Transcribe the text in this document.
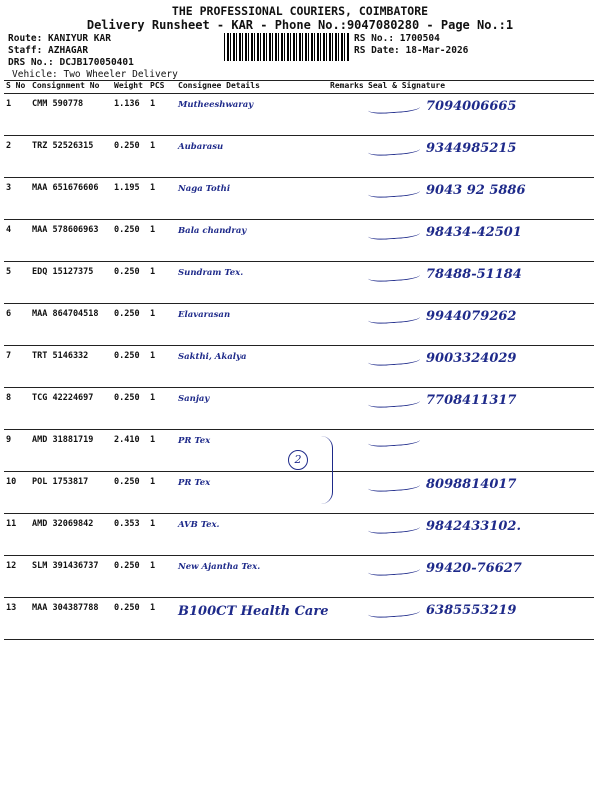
THE PROFESSIONAL COURIERS, COIMBATORE
Delivery Runsheet - KAR - Phone No.:9047080280 - Page No.:1
Route: KANIYUR KAR
Staff: AZHAGAR
DRS No.: DCJB170050401
Vehicle: Two Wheeler Delivery
RS No.: 1700504
RS Date: 18-Mar-2026
S No	Consignment No	Weight	PCS	Consignee Details	Remarks	Seal & Signature
1	CMM 590778	1.136	1	Mutheeshwaray		7094006665
2	TRZ 52526315	0.250	1	Aubarasu		9344985215
3	MAA 651676606	1.195	1	Naga Tothi		9043 92 5886
4	MAA 578606963	0.250	1	Bala chandray		98434-42501
5	EDQ 15127375	0.250	1	Sundram Tex.		78488-51184
6	MAA 864704518	0.250	1	Elavarasan		9944079262
7	TRT 5146332	0.250	1	Sakthi, Akalya		9003324029
8	TCG 42224697	0.250	1	Sanjay		7708411317
9	AMD 31881719	2.410	1	PR Tex		
10	POL 1753817	0.250	1	PR Tex		8098814017
11	AMD 32069842	0.353	1	AVB Tex.		9842433102.
12	SLM 391436737	0.250	1	New Ajantha Tex.		99420-76627
13	MAA 304387788	0.250	1	B100CT Health Care		6385553219
2
